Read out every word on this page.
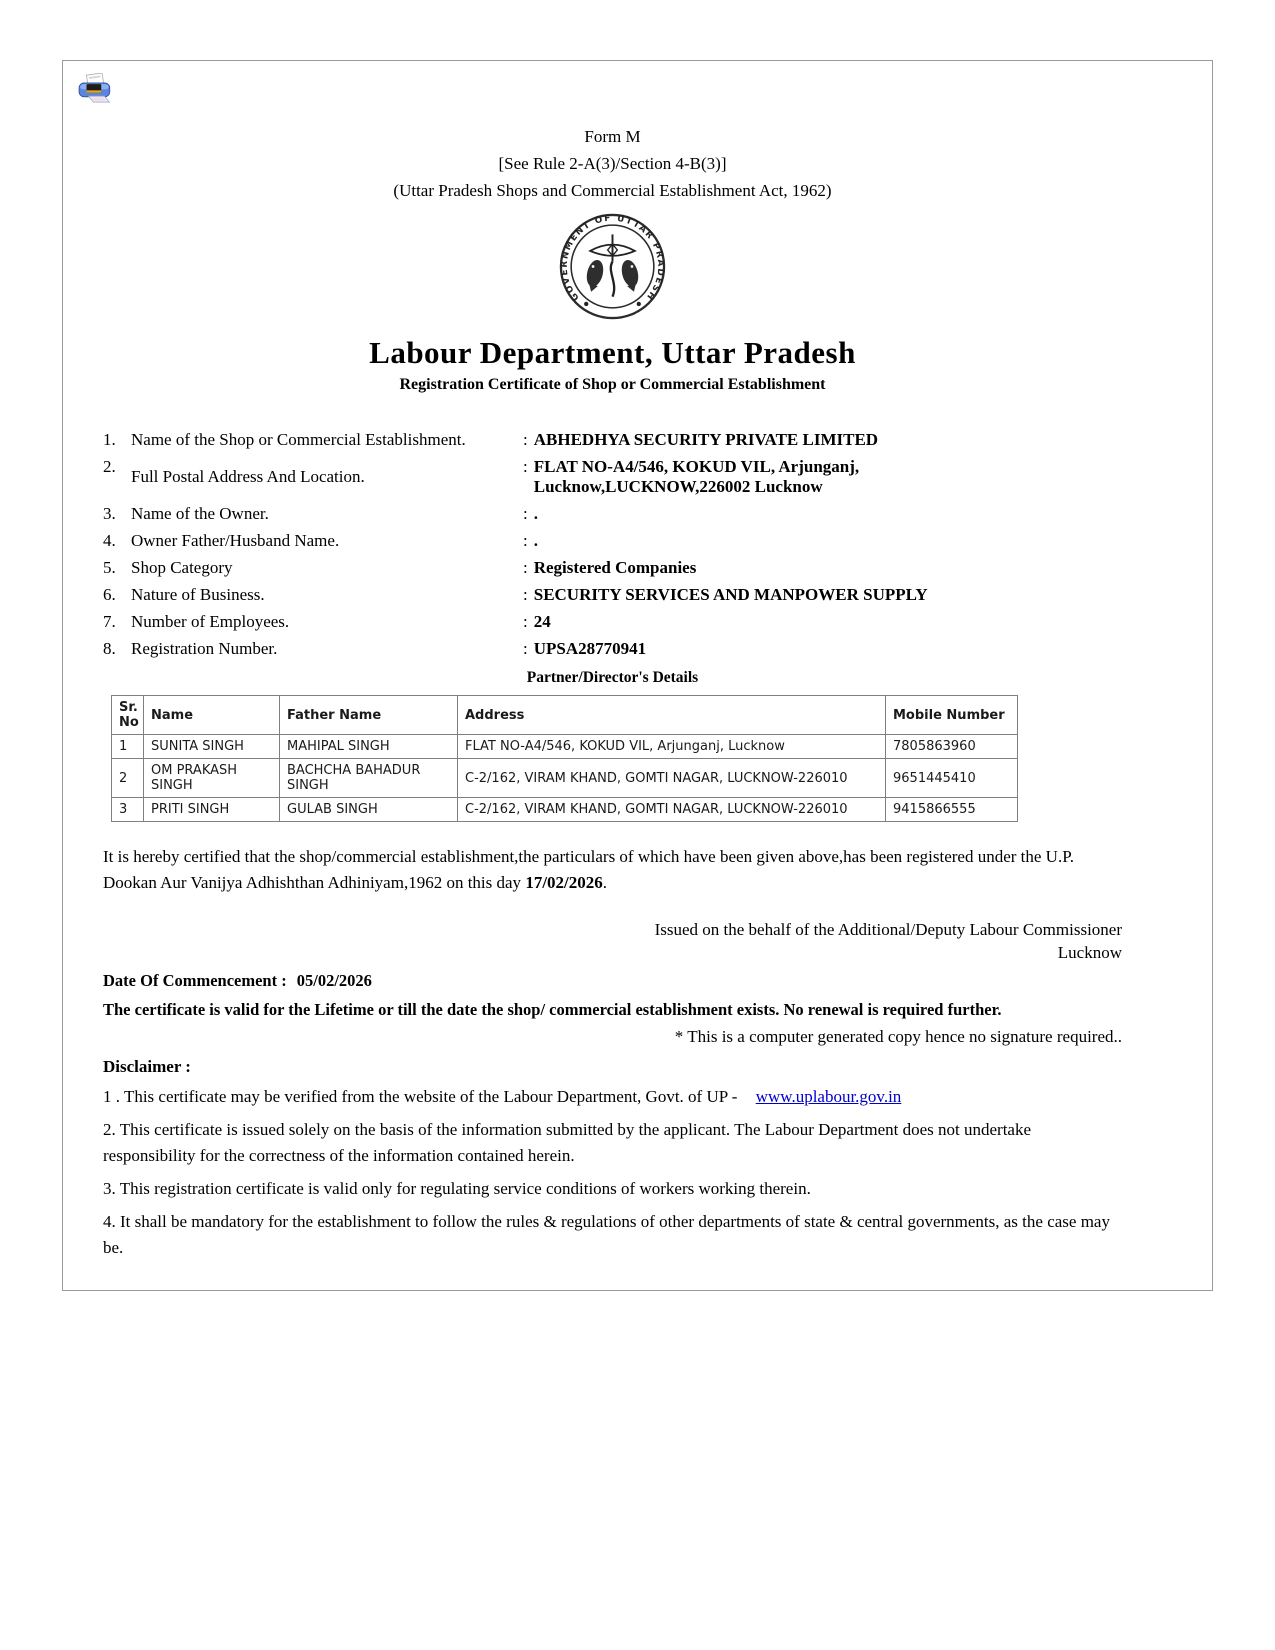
Form M
[See Rule 2-A(3)/Section 4-B(3)]
(Uttar Pradesh Shops and Commercial Establishment Act, 1962)
GOVERNMENT OF UTTAR PRADESH
Labour Department, Uttar Pradesh
Registration Certificate of Shop or Commercial Establishment
1. Name of the Shop or Commercial Establishment.	: ABHEDHYA SECURITY PRIVATE LIMITED
2.
Full Postal Address And Location.
: FLAT NO-A4/546, KOKUD VIL, Arjunganj, Lucknow,LUCKNOW,226002 Lucknow
3. Name of the Owner.	: .
4. Owner Father/Husband Name.	: .
5. Shop Category	: Registered Companies
6. Nature of Business.	: SECURITY SERVICES AND MANPOWER SUPPLY
7. Number of Employees.	: 24
8. Registration Number.	: UPSA28770941
Partner/Director's Details
Sr. No	Name	Father Name	Address	Mobile Number
1	SUNITA SINGH	MAHIPAL SINGH	FLAT NO-A4/546, KOKUD VIL, Arjunganj, Lucknow	7805863960
2	OM PRAKASH SINGH	BACHCHA BAHADUR SINGH	C-2/162, VIRAM KHAND, GOMTI NAGAR, LUCKNOW-226010	9651445410
3	PRITI SINGH	GULAB SINGH	C-2/162, VIRAM KHAND, GOMTI NAGAR, LUCKNOW-226010	9415866555

It is hereby certified that the shop/commercial establishment,the particulars of which have been given above,has been registered under the U.P. Dookan Aur Vanijya Adhishthan Adhiniyam,1962 on this day 17/02/2026.

Issued on the behalf of the Additional/Deputy Labour Commissioner
Lucknow
Date Of Commencement : 05/02/2026
The certificate is valid for the Lifetime or till the date the shop/ commercial establishment exists. No renewal is required further.
* This is a computer generated copy hence no signature required..
Disclaimer :
1 . This certificate may be verified from the website of the Labour Department, Govt. of UP - www.uplabour.gov.in
2. This certificate is issued solely on the basis of the information submitted by the applicant. The Labour Department does not undertake responsibility for the correctness of the information contained herein.
3. This registration certificate is valid only for regulating service conditions of workers working therein.
4. It shall be mandatory for the establishment to follow the rules & regulations of other departments of state & central governments, as the case may be.
